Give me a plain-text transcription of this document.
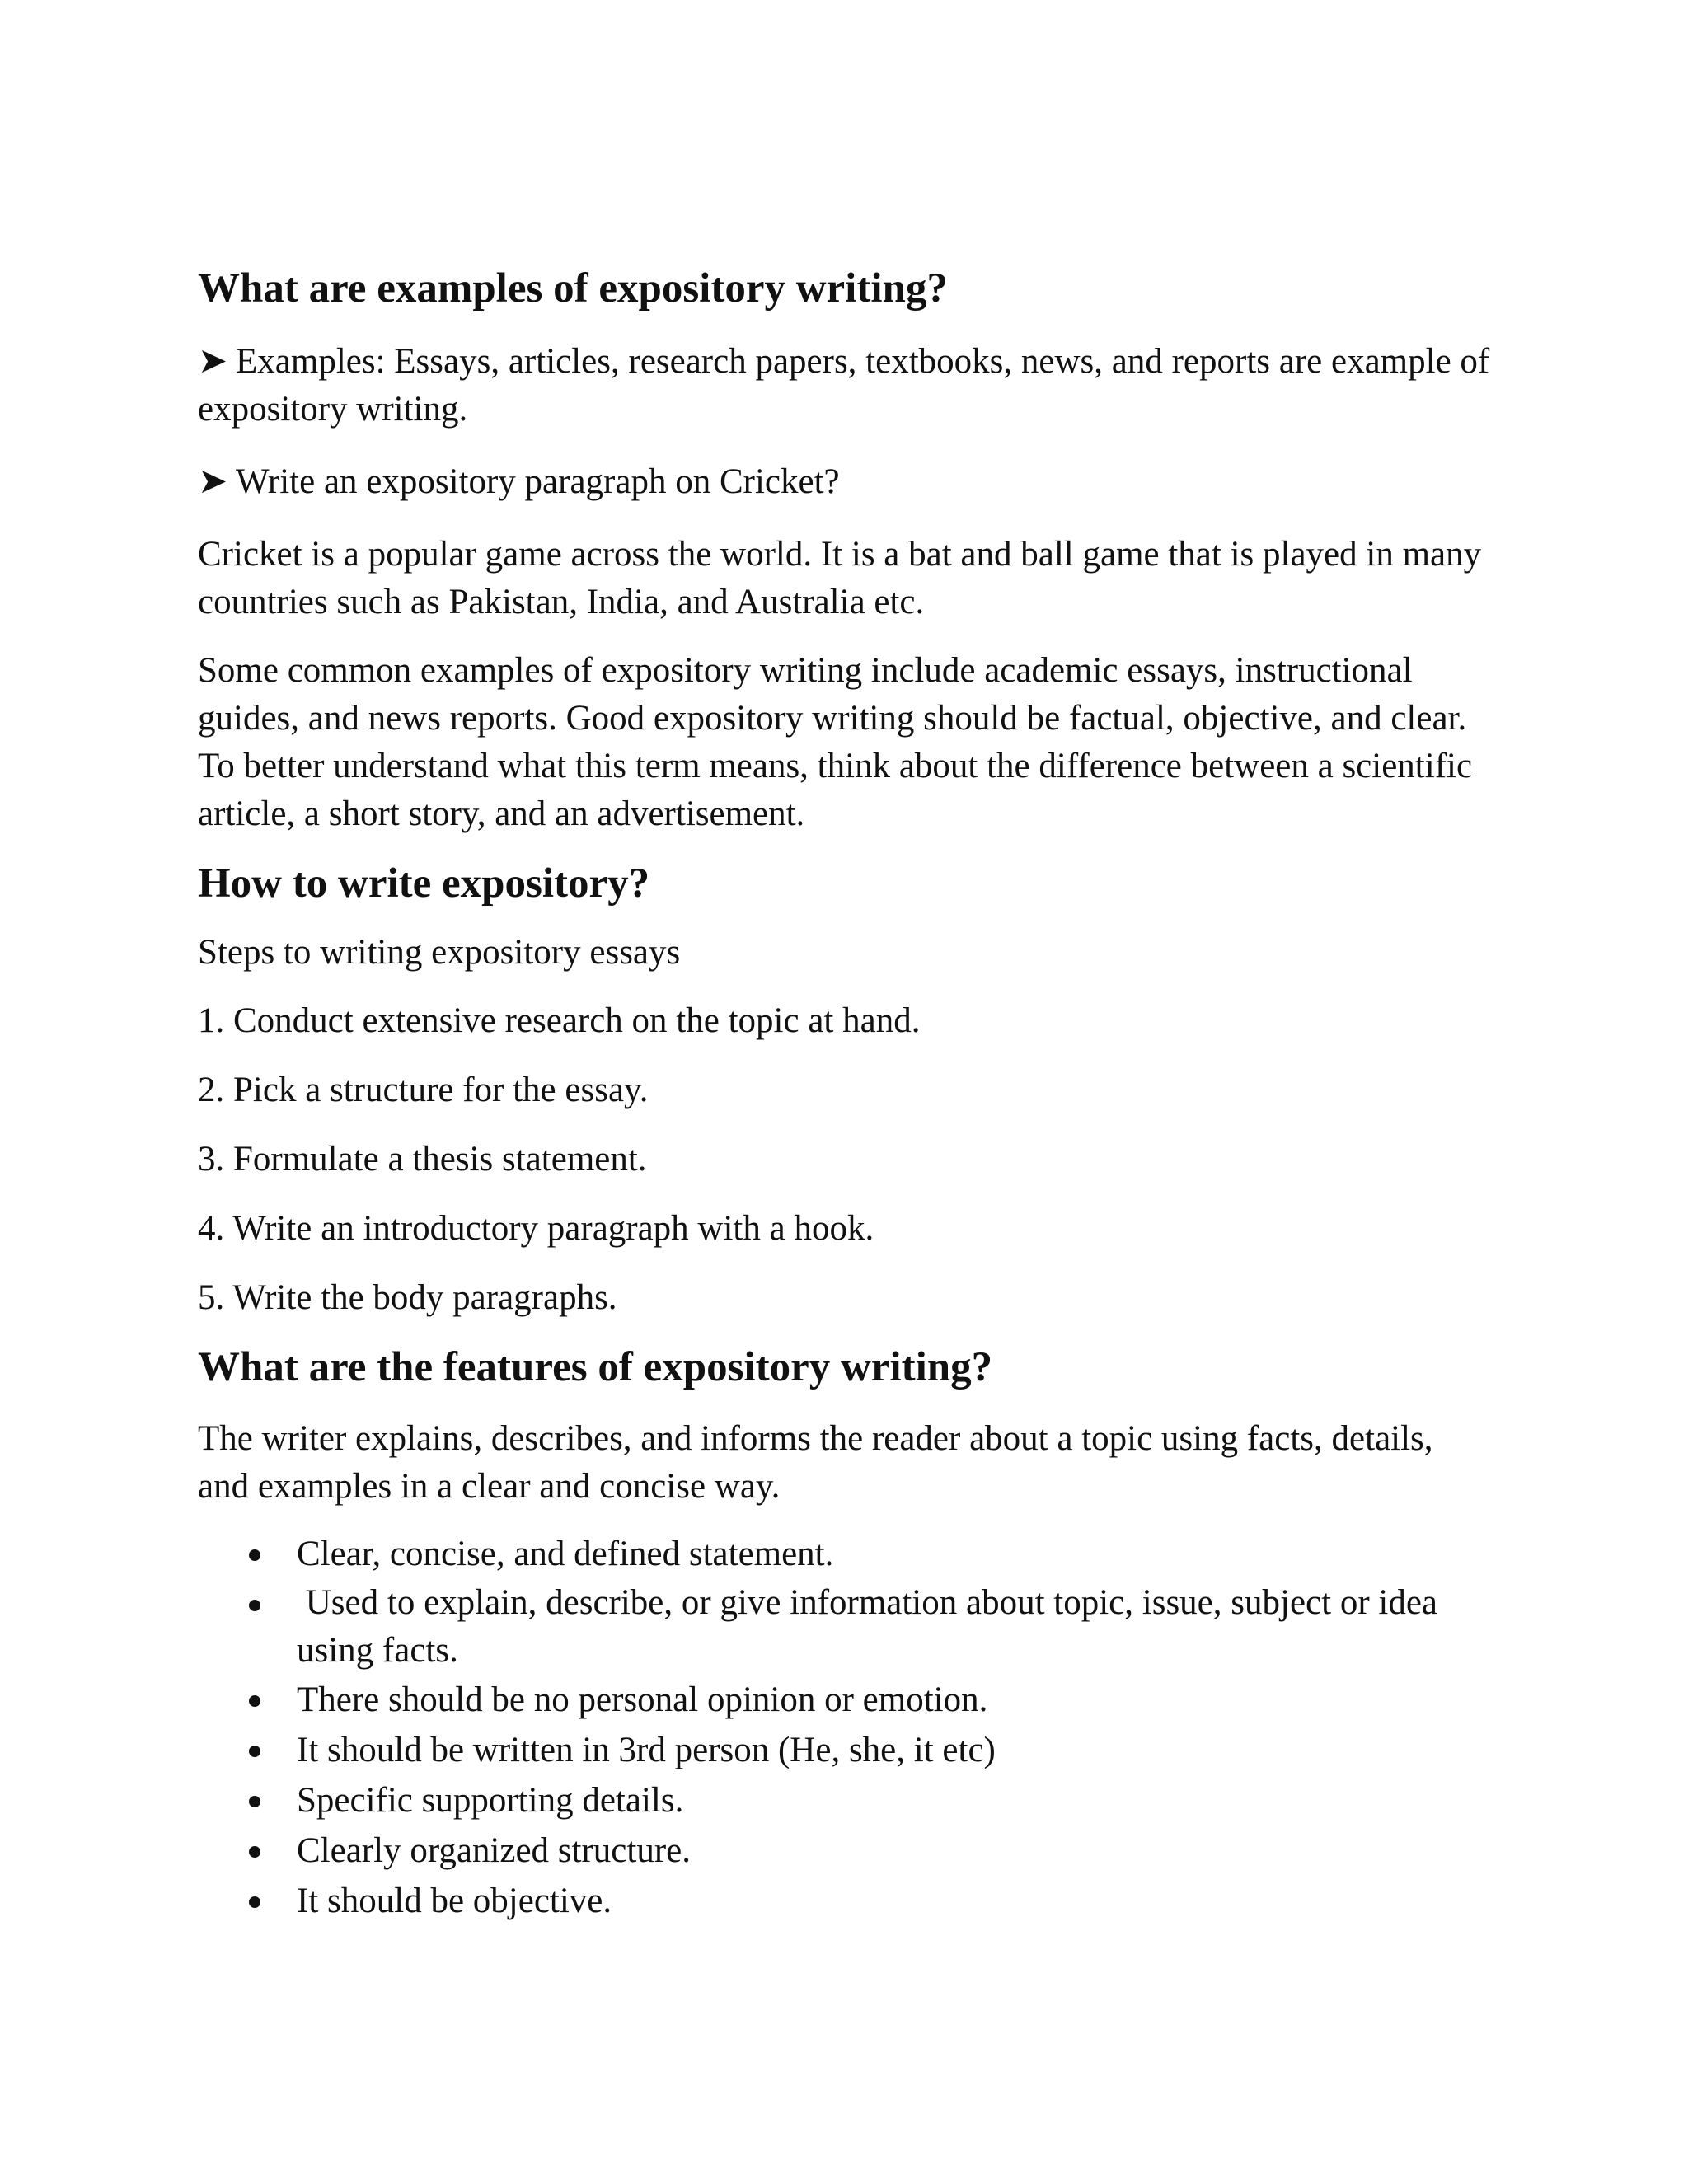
What are examples of expository writing?

➤ Examples: Essays, articles, research papers, textbooks, news, and reports are example of expository writing.

➤ Write an expository paragraph on Cricket?

Cricket is a popular game across the world. It is a bat and ball game that is played in many countries such as Pakistan, India, and Australia etc.

Some common examples of expository writing include academic essays, instructional guides, and news reports. Good expository writing should be factual, objective, and clear. To better understand what this term means, think about the difference between a scientific article, a short story, and an advertisement.

How to write expository?

Steps to writing expository essays

1. Conduct extensive research on the topic at hand.

2. Pick a structure for the essay.

3. Formulate a thesis statement.

4. Write an introductory paragraph with a hook.

5. Write the body paragraphs.

What are the features of expository writing?

The writer explains, describes, and informs the reader about a topic using facts, details, and examples in a clear and concise way.

Clear, concise, and defined statement.
Used to explain, describe, or give information about topic, issue, subject or idea using facts.
There should be no personal opinion or emotion.
It should be written in 3rd person (He, she, it etc)
Specific supporting details.
Clearly organized structure.
It should be objective.
